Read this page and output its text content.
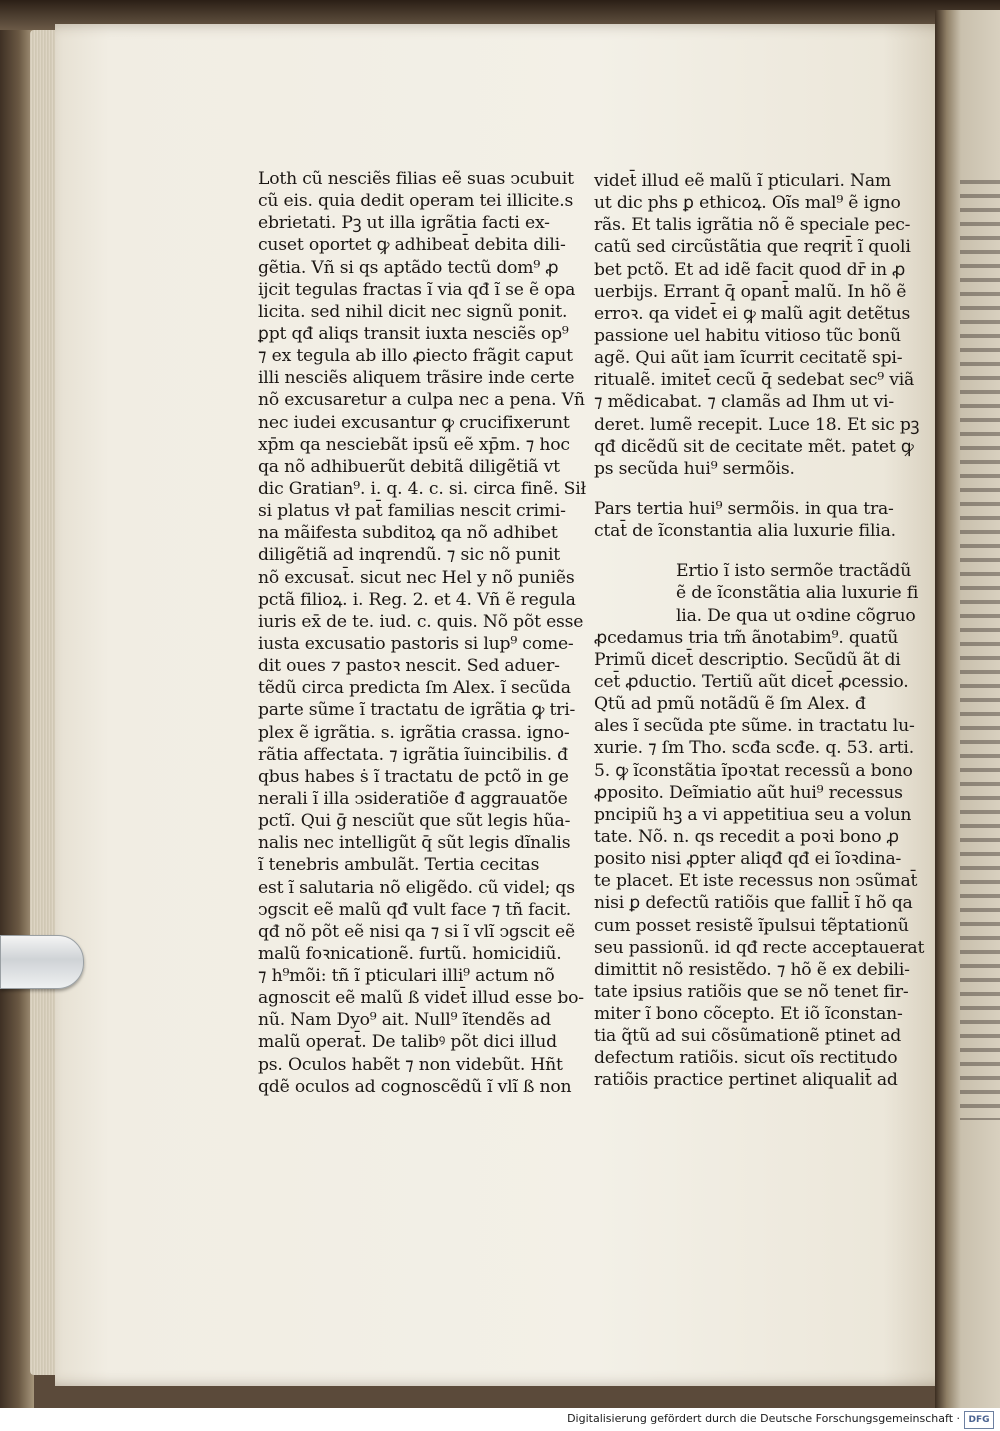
Loth cũ nesciẽs filias eẽ suas ↄcubuit
cũ eis. quia dedit operam tei illicite.s
ebrietati. Pꝫ ut illa igrãtia facti ex-
cuset oportet ꝙ adhibeat̄ debita dili-
gẽtia. Vñ si qs aptãdo tectũ dom⁹ ꝓ
ijcit tegulas fractas ĩ via qđ ĩ se ẽ opa
licita. sed nihil dicit nec signũ ponit.
ꝑpt qđ aliqs transit iuxta nesciẽs op⁹
⁊ ex tegula ab illo ꝓiecto frãgit caput
illi nesciẽs aliquem trãsire inde certe
nõ excusaretur a culpa nec a pena. Vñ
nec iudei excusantur ꝙ crucifixerunt
xp̄m qa nesciebãt ipsũ eẽ xp̄m. ⁊ hoc
qa nõ adhibuerũt debitã diligẽtiã vt
dic Gratian⁹. i. q. 4. c. si. circa finẽ. Sił
si platus vł pat̄ familias nescit crimi-
na mãifesta subditoꝝ qa nõ adhibet
diligẽtiã ad inqrendũ. ⁊ sic nõ punit
nõ excusat̄. sicut nec Hel y nõ puniẽs
pctã filioꝝ. i. Reg. 2. et 4. Vñ ẽ regula
iuris ex̄ de te. iud. c. quis. Nõ põt esse
iusta excusatio pastoris si lup⁹ come-
dit oues ⁊ pastoꝛ nescit. Sed aduer-
tẽdũ circa predicta ſm Alex. ĩ secũda
parte sũme ĩ tractatu de igrãtia ꝙ tri-
plex ẽ igrãtia. s. igrãtia crassa. igno-
rãtia affectata. ⁊ igrãtia ĩuincibilis. đ
qbus habes ṡ ĩ tractatu de pctõ in ge
nerali ĩ illa ↄsideratiõe đ aggrauatõe
pctĩ. Qui ḡ nesciũt que sũt legis hũa-
nalis nec intelligũt q̄ sũt legis dĩnalis
ĩ tenebris ambulãt. Tertia cecitas
est ĩ salutaria nõ eligẽdo. cũ videl; qs
ↄgscit eẽ malũ qđ vult face ⁊ tñ facit.
qđ nõ põt eẽ nisi qa ⁊ si ĩ vlĩ ↄgscit eẽ
malũ foꝛnicationẽ. furtũ. homicidiũ.
⁊ h⁹mõi: tñ ĩ pticulari illi⁹ actum nõ
agnoscit eẽ malũ ß videt̄ illud esse bo-
nũ. Nam Dyo⁹ ait. Null⁹ ĩtendẽs ad
malũ operat̄. De talibꝰ põt dici illud
ps. Oculos habẽt ⁊ non videbũt. Hñt
qdẽ oculos ad cognoscẽdũ ĩ vlĩ ß non
videt̄ illud eẽ malũ ĩ pticulari. Nam
ut dic phs ꝑ ethicoꝝ. Oĩs mal⁹ ẽ igno
rãs. Et talis igrãtia nõ ẽ speciale pec-
catũ sed circũstãtia que reqrit̄ ĩ quoli
bet pctõ. Et ad idẽ facit quod dr̄ in ꝓ
uerbijs. Errant q̄ opant̄ malũ. In hõ ẽ
erroꝛ. qa videt̄ ei ꝙ malũ agit detẽtus
passione uel habitu vitioso tũc bonũ
agẽ. Qui aũt iam ĩcurrit cecitatẽ spi-
ritualẽ. imitet̄ cecũ q̄ sedebat sec⁹ viã
⁊ mẽdicabat. ⁊ clamãs ad Ihm ut vi-
deret. lumẽ recepit. Luce 18. Et sic pꝫ
qđ dicẽdũ sit de cecitate mẽt. patet ꝙ
ps secũda hui⁹ sermõis.
Pars tertia hui⁹ sermõis. in qua tra-
ctat̄ de ĩconstantia alia luxurie filia.
Ertio ĩ isto sermõe tractãdũ
ẽ de ĩconstãtia alia luxurie fi
lia. De qua ut oꝛdine cõgruo
ꝓcedamus tria tm̃ ãnotabim⁹. quatũ
Primũ dicet̄ descriptio. Secũdũ ãt di
cet̄ ꝓductio. Tertiũ aũt dicet̄ ꝓcessio.
Qtũ ad pmũ notãdũ ẽ ſm Alex. đ
ales ĩ secũda pte sũme. in tractatu lu-
xurie. ⁊ ſm Tho. scđa scđe. q. 53. arti.
5. ꝙ ĩconstãtia ĩpoꝛtat recessũ a bono
ꝓposito. Deĩmiatio aũt hui⁹ recessus
pncipiũ hꝫ a vi appetitiua seu a volun
tate. Nõ. n. qs recedit a poꝛi bono ꝓ
posito nisi ꝓpter aliqđ qđ ei ĩoꝛdina-
te placet. Et iste recessus non ↄsũmat̄
nisi ꝑ defectũ ratiõis que fallit̄ ĩ hõ qa
cum posset resistẽ ĩpulsui tẽptationũ
seu passionũ. id qđ recte acceptauerat
dimittit nõ resistẽdo. ⁊ hõ ẽ ex debili-
tate ipsius ratiõis que se nõ tenet fir-
miter ĩ bono cõcepto. Et iõ ĩconstan-
tia q̃tũ ad sui cõsũmationẽ ptinet ad
defectum ratiõis. sicut oĩs rectitudo
ratiõis practice pertinet aliqualit̄ ad
Digitalisierung gefördert durch die Deutsche Forschungsgemeinschaft · DFG
